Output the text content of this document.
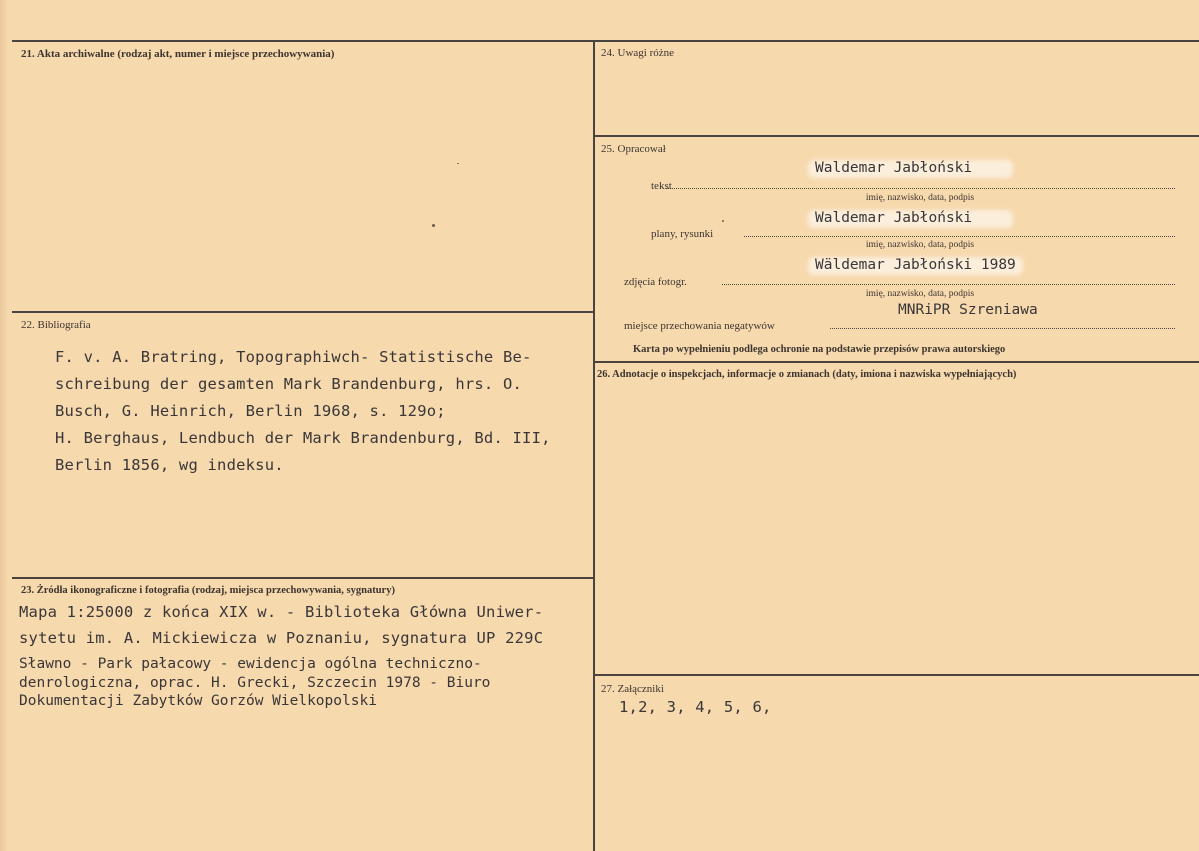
21. Akta archiwalne (rodzaj akt, numer i miejsce przechowywania)
22. Bibliografia
F. v. A. Bratring, Topographiwch- Statistische Be-
schreibung der gesamten Mark Brandenburg, hrs. O.
Busch, G. Heinrich, Berlin 1968, s. 129o;
H. Berghaus, Lendbuch der Mark Brandenburg, Bd. III,
Berlin 1856, wg indeksu.
23. Żródła ikonograficzne i fotografia (rodzaj, miejsca przechowywania, sygnatury)
Mapa 1:25000 z końca XIX w. - Biblioteka Główna Uniwer-
sytetu im. A. Mickiewicza w Poznaniu, sygnatura UP 229C
Sławno - Park pałacowy - ewidencja ogólna techniczno-
denrologiczna, oprac. H. Grecki, Szczecin 1978 - Biuro
Dokumentacji Zabytków Gorzów Wielkopolski
24. Uwagi różne
25. Opracował
Waldemar Jabłoński
tekst
imię, nazwisko, data, podpis
Waldemar Jabłoński
plany, rysunki
imię, nazwisko, data, podpis
Wäldemar Jabłoński 1989
zdjęcia fotogr.
imię, nazwisko, data, podpis
MNRiPR Szreniawa
miejsce przechowania negatywów
Karta po wypełnieniu podlega ochronie na podstawie przepisów prawa autorskiego
26. Adnotacje o inspekcjach, informacje o zmianach (daty, imiona i nazwiska wypełniających)
27. Załączniki
1,2, 3, 4, 5, 6,
